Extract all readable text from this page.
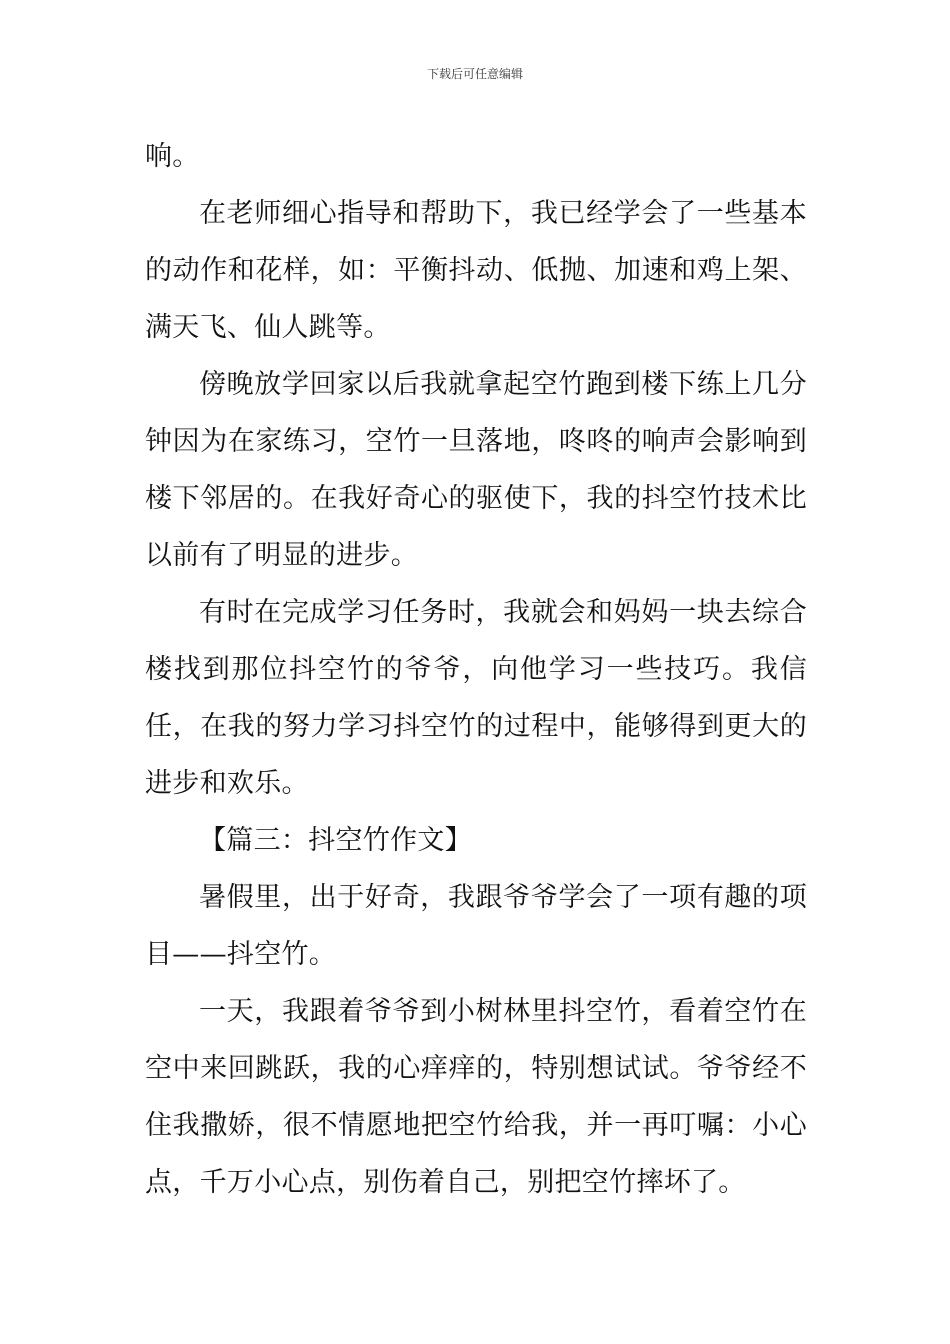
下载后可任意编辑

响。

在老师细心指导和帮助下，我已经学会了一些基本的动作和花样，如：平衡抖动、低抛、加速和鸡上架、满天飞、仙人跳等。

傍晚放学回家以后我就拿起空竹跑到楼下练上几分钟因为在家练习，空竹一旦落地，咚咚的响声会影响到楼下邻居的。在我好奇心的驱使下，我的抖空竹技术比以前有了明显的进步。

有时在完成学习任务时，我就会和妈妈一块去综合楼找到那位抖空竹的爷爷，向他学习一些技巧。我信任，在我的努力学习抖空竹的过程中，能够得到更大的进步和欢乐。

【篇三：抖空竹作文】

暑假里，出于好奇，我跟爷爷学会了一项有趣的项目——抖空竹。

一天，我跟着爷爷到小树林里抖空竹，看着空竹在空中来回跳跃，我的心痒痒的，特别想试试。爷爷经不住我撒娇，很不情愿地把空竹给我，并一再叮嘱：小心点，千万小心点，别伤着自己，别把空竹摔坏了。
